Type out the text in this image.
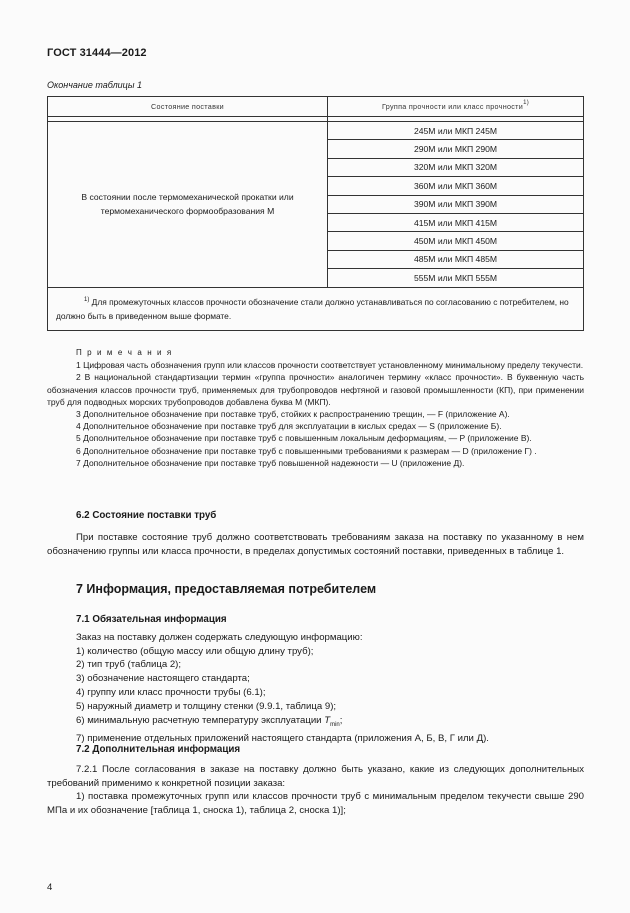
ГОСТ 31444—2012
Окончание таблицы 1
Состояние поставки	Группа прочности или класс прочности$^{1)}$

В состоянии после термомеханической прокатки или термомеханического формообразования М	245M или МКП 245M
	290M или МКП 290M
	320M или МКП 320M
	360M или МКП 360M
	390M или МКП 390M
	415M или МКП 415M
	450M или МКП 450M
	485M или МКП 485M
	555M или МКП 555M
$^{1)}$ Для промежуточных классов прочности обозначение стали должно устанавливаться по согласованию с потребителем, но должно быть в приведенном выше формате.	
П р и м е ч а н и я

1 Цифровая часть обозначения групп или классов прочности соответствует установленному минимальному пределу текучести.

2 В национальной стандартизации термин «группа прочности» аналогичен термину «класс прочности». В буквенную часть обозначения классов прочности труб, применяемых для трубопроводов нефтяной и газовой промышленности (КП), при применении труб для подводных морских трубопроводов добавлена буква М (МКП).

3 Дополнительное обозначение при поставке труб, стойких к распространению трещин, — F (приложение А).

4 Дополнительное обозначение при поставке труб для эксплуатации в кислых средах — S (приложение Б).

5 Дополнительное обозначение при поставке труб с повышенным локальным деформациям, — P (приложение В).

6 Дополнительное обозначение при поставке труб с повышенными требованиями к размерам — D (приложение Г) .

7 Дополнительное обозначение при поставке труб повышенной надежности — U (приложение Д).

6.2 Состояние поставки труб

При поставке состояние труб должно соответствовать требованиям заказа на поставку по указанному в нем обозначению группы или класса прочности, в пределах допустимых состояний поставки, приведенных в таблице 1.

7 Информация, предоставляемая потребителем
7.1 Обязательная информация

Заказ на поставку должен содержать следующую информацию:

1) количество (общую массу или общую длину труб);

2) тип труб (таблица 2);

3) обозначение настоящего стандарта;

4) группу или класс прочности трубы (6.1);

5) наружный диаметр и толщину стенки (9.9.1, таблица 9);

6) минимальную расчетную температуру эксплуатации $T_{min}$;

7) применение отдельных приложений настоящего стандарта (приложения А, Б, В, Г или Д).

7.2 Дополнительная информация

7.2.1 После согласования в заказе на поставку должно быть указано, какие из следующих дополнительных требований применимо к конкретной позиции заказа:

1) поставка промежуточных групп или классов прочности труб с минимальным пределом текучести свыше 290 МПа и их обозначение [таблица 1, сноска 1), таблица 2, сноска 1)];

4
